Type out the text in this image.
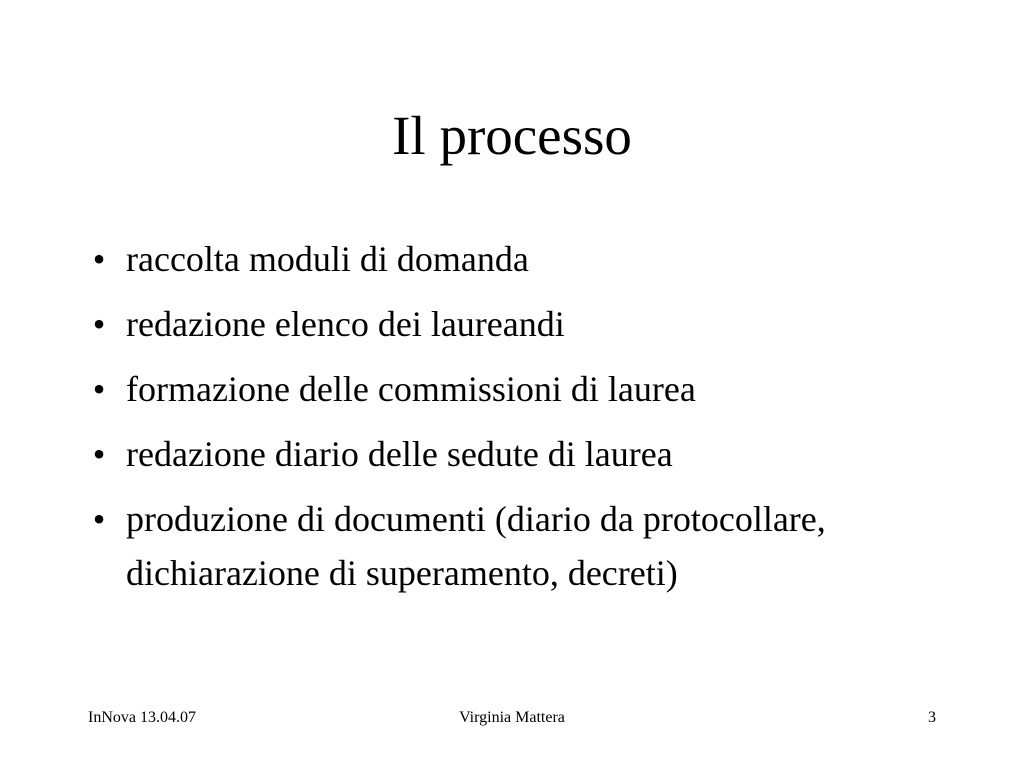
Il processo
• raccolta moduli di domanda
• redazione elenco dei laureandi
• formazione delle commissioni di laurea
• redazione diario delle sedute di laurea
• produzione di documenti (diario da protocollare, dichiarazione di superamento, decreti)
InNova 13.04.07	Virginia Mattera	3
